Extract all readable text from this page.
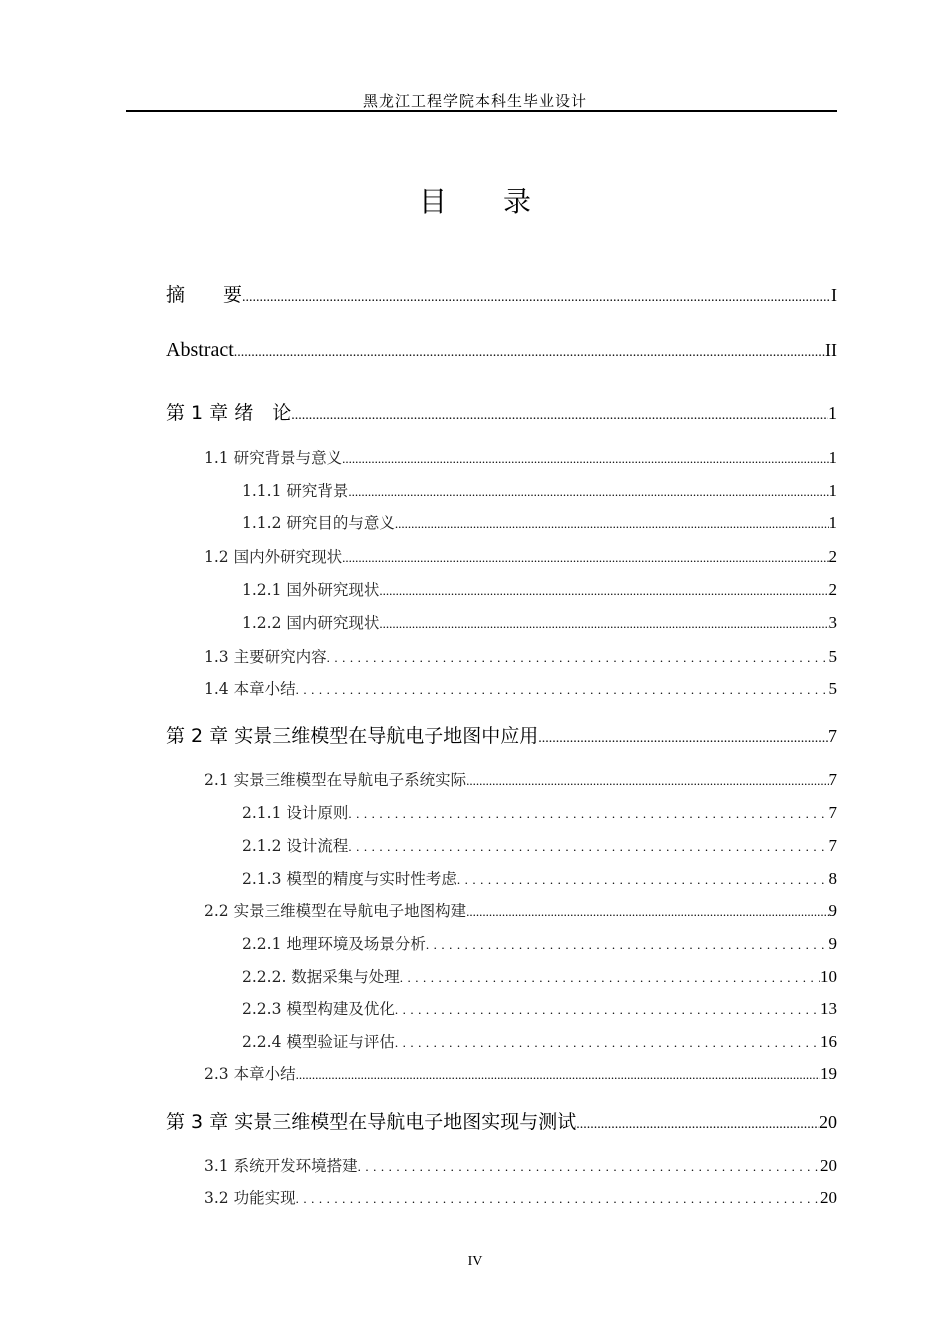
黑龙江工程学院本科生毕业设计
目 录
摘　　要 .....	I
Abstract .....	II
第 1 章 绪　论 .....	1
1.1 研究背景与意义 .....	1
1.1.1 研究背景 .....	1
1.1.2 研究目的与意义 .....	1
1.2 国内外研究现状 .....	2
1.2.1 国外研究现状 .....	2
1.2.2 国内研究现状 .....	3
1.3 主要研究内容 .....	5
1.4 本章小结 .....	5
第 2 章 实景三维模型在导航电子地图中应用 .....	7
2.1 实景三维模型在导航电子系统实际 .....	7
2.1.1 设计原则 .....	7
2.1.2 设计流程 .....	7
2.1.3 模型的精度与实时性考虑 .....	8
2.2 实景三维模型在导航电子地图构建 .....	9
2.2.1 地理环境及场景分析 .....	9
2.2.2. 数据采集与处理 .....	10
2.2.3 模型构建及优化 .....	13
2.2.4 模型验证与评估 .....	16
2.3 本章小结 .....	19
第 3 章 实景三维模型在导航电子地图实现与测试 .....	20
3.1 系统开发环境搭建 .....	20
3.2 功能实现 .....	20
IV
